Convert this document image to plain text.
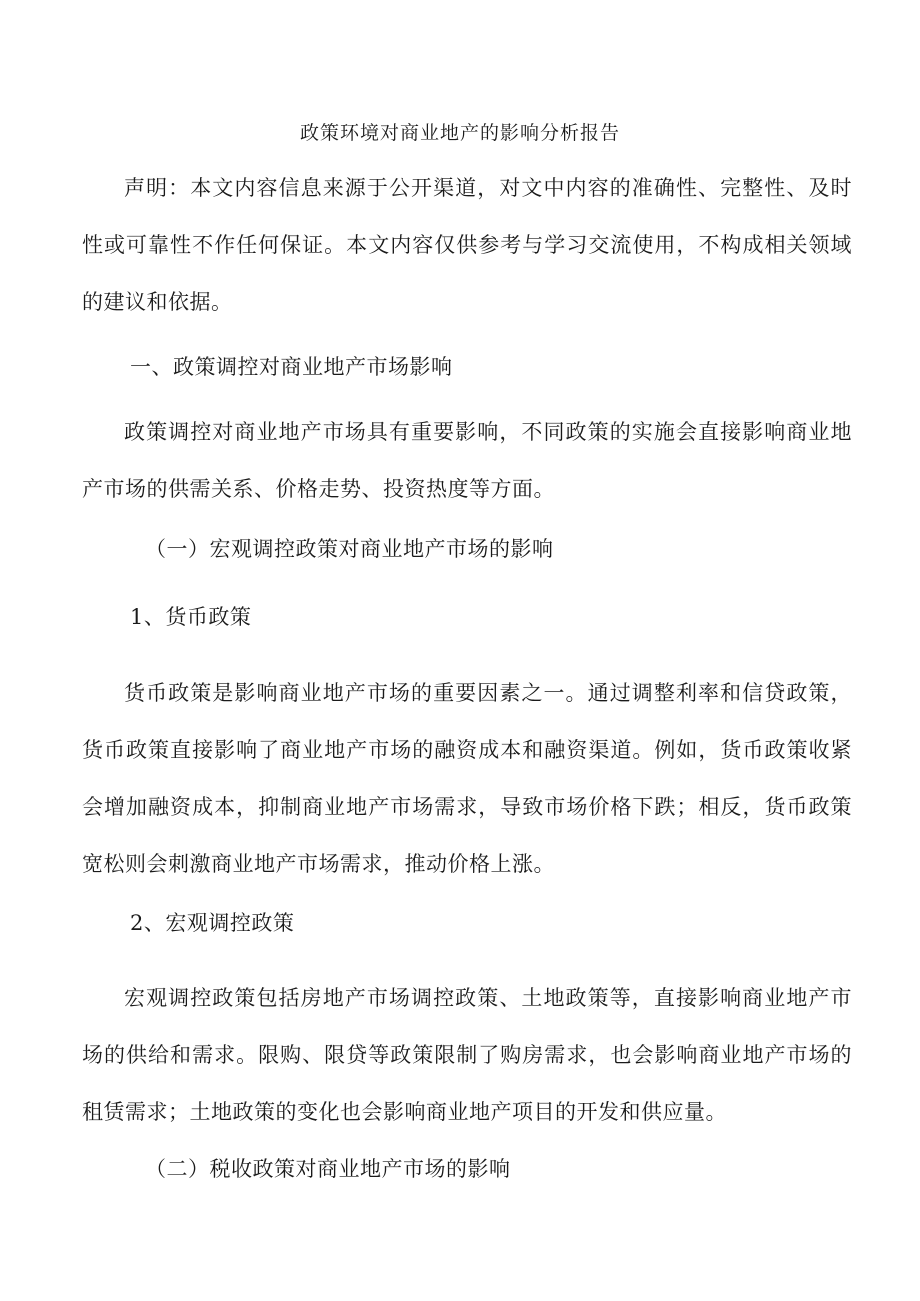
政策环境对商业地产的影响分析报告

声明：本文内容信息来源于公开渠道，对文中内容的准确性、完整性、及时性或可靠性不作任何保证。本文内容仅供参考与学习交流使用，不构成相关领域的建议和依据。

一、政策调控对商业地产市场影响

政策调控对商业地产市场具有重要影响，不同政策的实施会直接影响商业地产市场的供需关系、价格走势、投资热度等方面。

（一）宏观调控政策对商业地产市场的影响
1、货币政策

货币政策是影响商业地产市场的重要因素之一。通过调整利率和信贷政策，货币政策直接影响了商业地产市场的融资成本和融资渠道。例如，货币政策收紧会增加融资成本，抑制商业地产市场需求，导致市场价格下跌；相反，货币政策宽松则会刺激商业地产市场需求，推动价格上涨。

2、宏观调控政策

宏观调控政策包括房地产市场调控政策、土地政策等，直接影响商业地产市场的供给和需求。限购、限贷等政策限制了购房需求，也会影响商业地产市场的租赁需求；土地政策的变化也会影响商业地产项目的开发和供应量。

（二）税收政策对商业地产市场的影响
